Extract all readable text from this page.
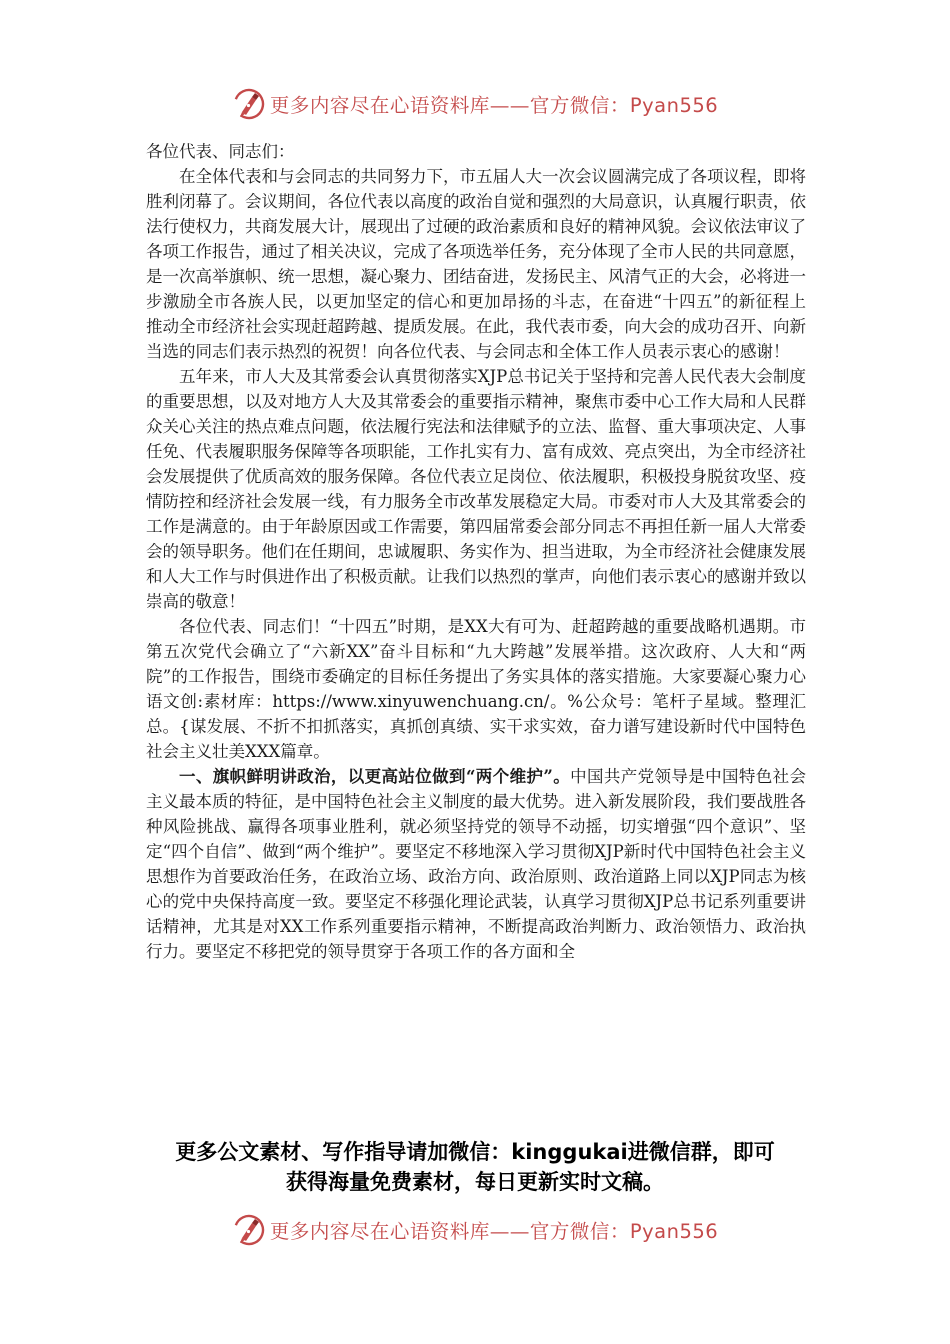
更多内容尽在心语资料库——官方微信：Pyan556

各位代表、同志们：

在全体代表和与会同志的共同努力下，市五届人大一次会议圆满完成了各项议程，即将胜利闭幕了。会议期间，各位代表以高度的政治自觉和强烈的大局意识，认真履行职责，依法行使权力，共商发展大计，展现出了过硬的政治素质和良好的精神风貌。会议依法审议了各项工作报告，通过了相关决议，完成了各项选举任务，充分体现了全市人民的共同意愿，是一次高举旗帜、统一思想，凝心聚力、团结奋进，发扬民主、风清气正的大会，必将进一步激励全市各族人民，以更加坚定的信心和更加昂扬的斗志，在奋进“十四五”的新征程上推动全市经济社会实现赶超跨越、提质发展。在此，我代表市委，向大会的成功召开、向新当选的同志们表示热烈的祝贺！向各位代表、与会同志和全体工作人员表示衷心的感谢！

五年来，市人大及其常委会认真贯彻落实XJP总书记关于坚持和完善人民代表大会制度的重要思想，以及对地方人大及其常委会的重要指示精神，聚焦市委中心工作大局和人民群众关心关注的热点难点问题，依法履行宪法和法律赋予的立法、监督、重大事项决定、人事任免、代表履职服务保障等各项职能，工作扎实有力、富有成效、亮点突出，为全市经济社会发展提供了优质高效的服务保障。各位代表立足岗位、依法履职，积极投身脱贫攻坚、疫情防控和经济社会发展一线，有力服务全市改革发展稳定大局。市委对市人大及其常委会的工作是满意的。由于年龄原因或工作需要，第四届常委会部分同志不再担任新一届人大常委会的领导职务。他们在任期间，忠诚履职、务实作为、担当进取，为全市经济社会健康发展和人大工作与时俱进作出了积极贡献。让我们以热烈的掌声，向他们表示衷心的感谢并致以崇高的敬意！

各位代表、同志们！“十四五”时期，是XX大有可为、赶超跨越的重要战略机遇期。市第五次党代会确立了“六新XX”奋斗目标和“九大跨越”发展举措。这次政府、人大和“两院”的工作报告，围绕市委确定的目标任务提出了务实具体的落实措施。大家要凝心聚力心语文创:素材库：https://www.xinyuwenchuang.cn/。%公众号：笔杆子星域。整理汇总。{谋发展、不折不扣抓落实，真抓创真绩、实干求实效，奋力谱写建设新时代中国特色社会主义壮美XXX篇章。

一、旗帜鲜明讲政治，以更高站位做到“两个维护”。中国共产党领导是中国特色社会主义最本质的特征，是中国特色社会主义制度的最大优势。进入新发展阶段，我们要战胜各种风险挑战、赢得各项事业胜利，就必须坚持党的领导不动摇，切实增强“四个意识”、坚定“四个自信”、做到“两个维护”。要坚定不移地深入学习贯彻XJP新时代中国特色社会主义思想作为首要政治任务，在政治立场、政治方向、政治原则、政治道路上同以XJP同志为核心的党中央保持高度一致。要坚定不移强化理论武装，认真学习贯彻XJP总书记系列重要讲话精神，尤其是对XX工作系列重要指示精神，不断提高政治判断力、政治领悟力、政治执行力。要坚定不移把党的领导贯穿于各项工作的各方面和全

更多公文素材、写作指导请加微信：kinggukai进微信群，即可
获得海量免费素材，每日更新实时文稿。
更多内容尽在心语资料库——官方微信：Pyan556
